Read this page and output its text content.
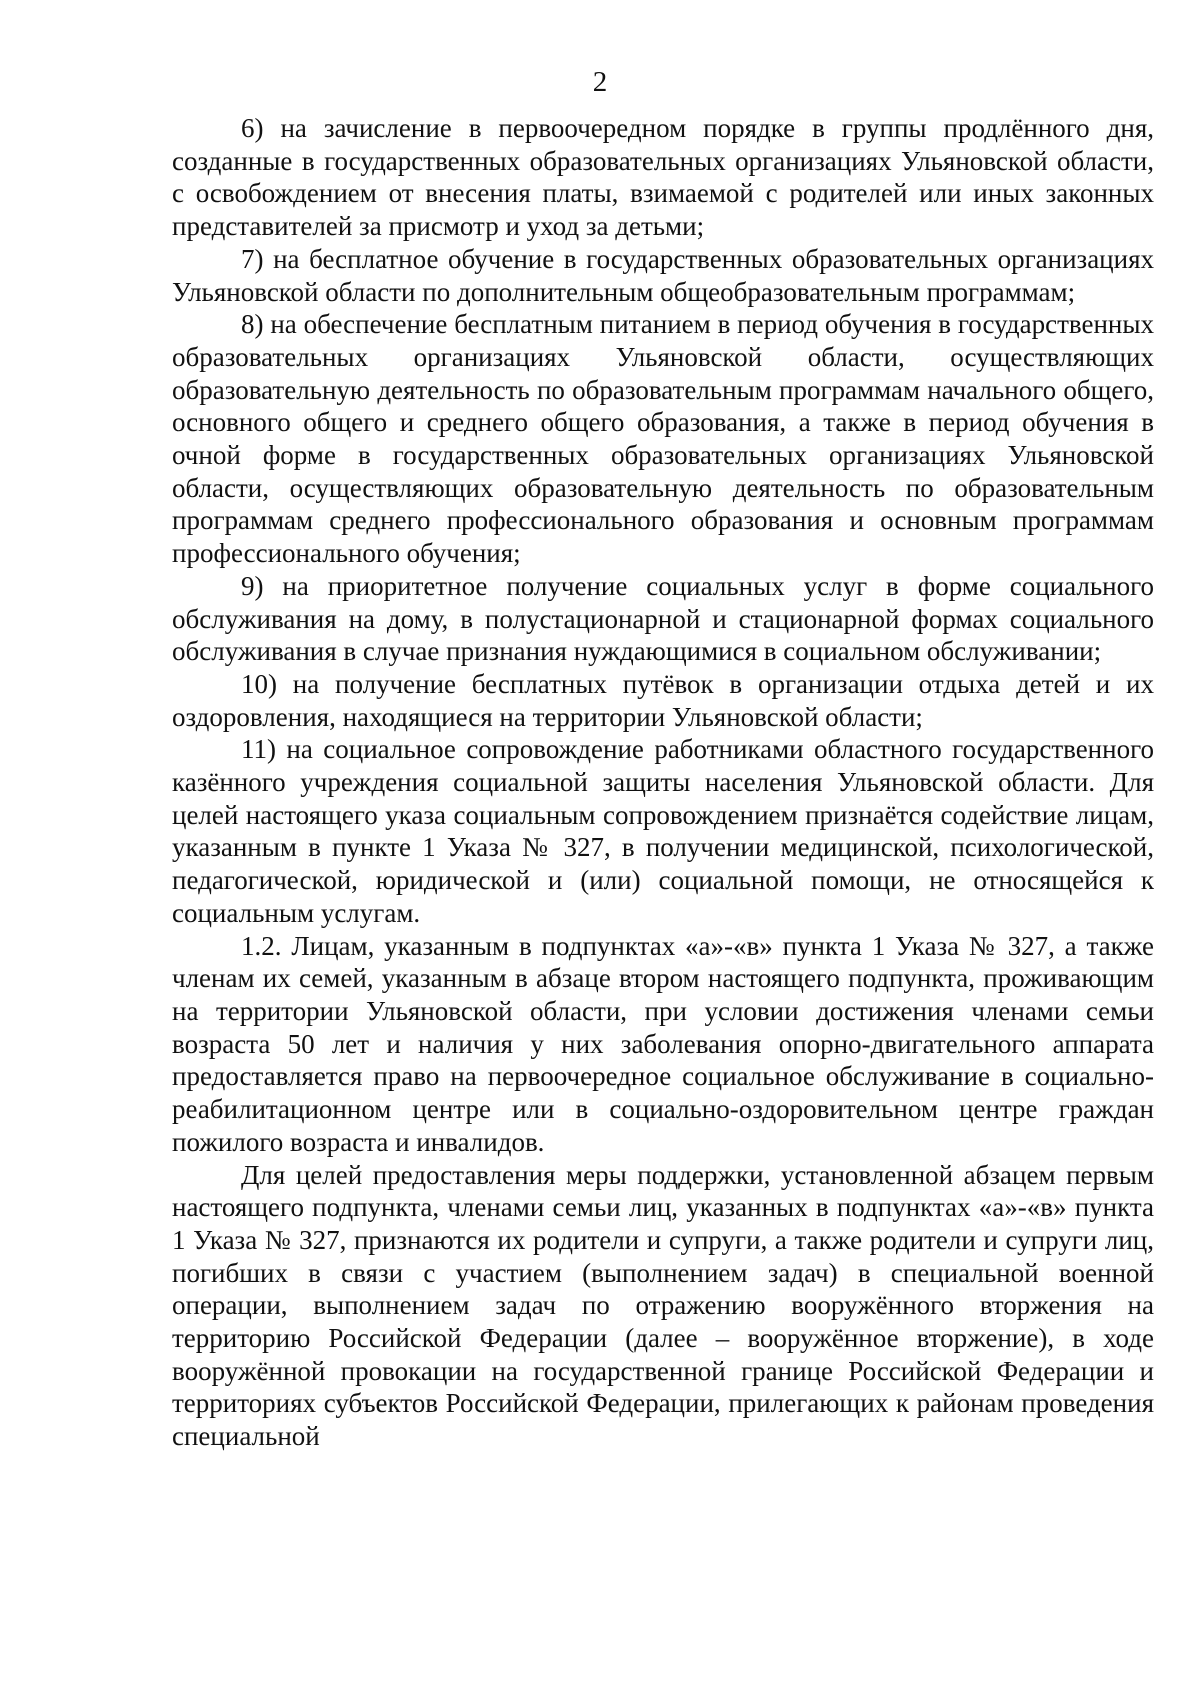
2

6) на зачисление в первоочередном порядке в группы продлённого дня, созданные в государственных образовательных организациях Ульяновской области, с освобождением от внесения платы, взимаемой с родителей или иных законных представителей за присмотр и уход за детьми;

7) на бесплатное обучение в государственных образовательных организациях Ульяновской области по дополнительным общеобразовательным программам;

8) на обеспечение бесплатным питанием в период обучения в государственных образовательных организациях Ульяновской области, осуществляющих образовательную деятельность по образовательным программам начального общего, основного общего и среднего общего образования, а также в период обучения в очной форме в государственных образовательных организациях Ульяновской области, осуществляющих образовательную деятельность по образовательным программам среднего профессионального образования и основным программам профессионального обучения;

9) на приоритетное получение социальных услуг в форме социального обслуживания на дому, в полустационарной и стационарной формах социального обслуживания в случае признания нуждающимися в социальном обслуживании;

10) на получение бесплатных путёвок в организации отдыха детей и их оздоровления, находящиеся на территории Ульяновской области;

11) на социальное сопровождение работниками областного государственного казённого учреждения социальной защиты населения Ульяновской области. Для целей настоящего указа социальным сопровождением признаётся содействие лицам, указанным в пункте 1 Указа № 327, в получении медицинской, психологической, педагогической, юридической и (или) социальной помощи, не относящейся к социальным услугам.

1.2. Лицам, указанным в подпунктах «а»-«в» пункта 1 Указа № 327, а также членам их семей, указанным в абзаце втором настоящего подпункта, проживающим на территории Ульяновской области, при условии достижения членами семьи возраста 50 лет и наличия у них заболевания опорно-двигательного аппарата предоставляется право на первоочередное социальное обслуживание в социально-реабилитационном центре или в социально-оздоровительном центре граждан пожилого возраста и инвалидов.

Для целей предоставления меры поддержки, установленной абзацем первым настоящего подпункта, членами семьи лиц, указанных в подпунктах «а»-«в» пункта 1 Указа № 327, признаются их родители и супруги, а также родители и супруги лиц, погибших в связи с участием (выполнением задач) в специальной военной операции, выполнением задач по отражению вооружённого вторжения на территорию Российской Федерации (далее – вооружённое вторжение), в ходе вооружённой провокации на государственной границе Российской Федерации и территориях субъектов Российской Федерации, прилегающих к районам проведения специальной
